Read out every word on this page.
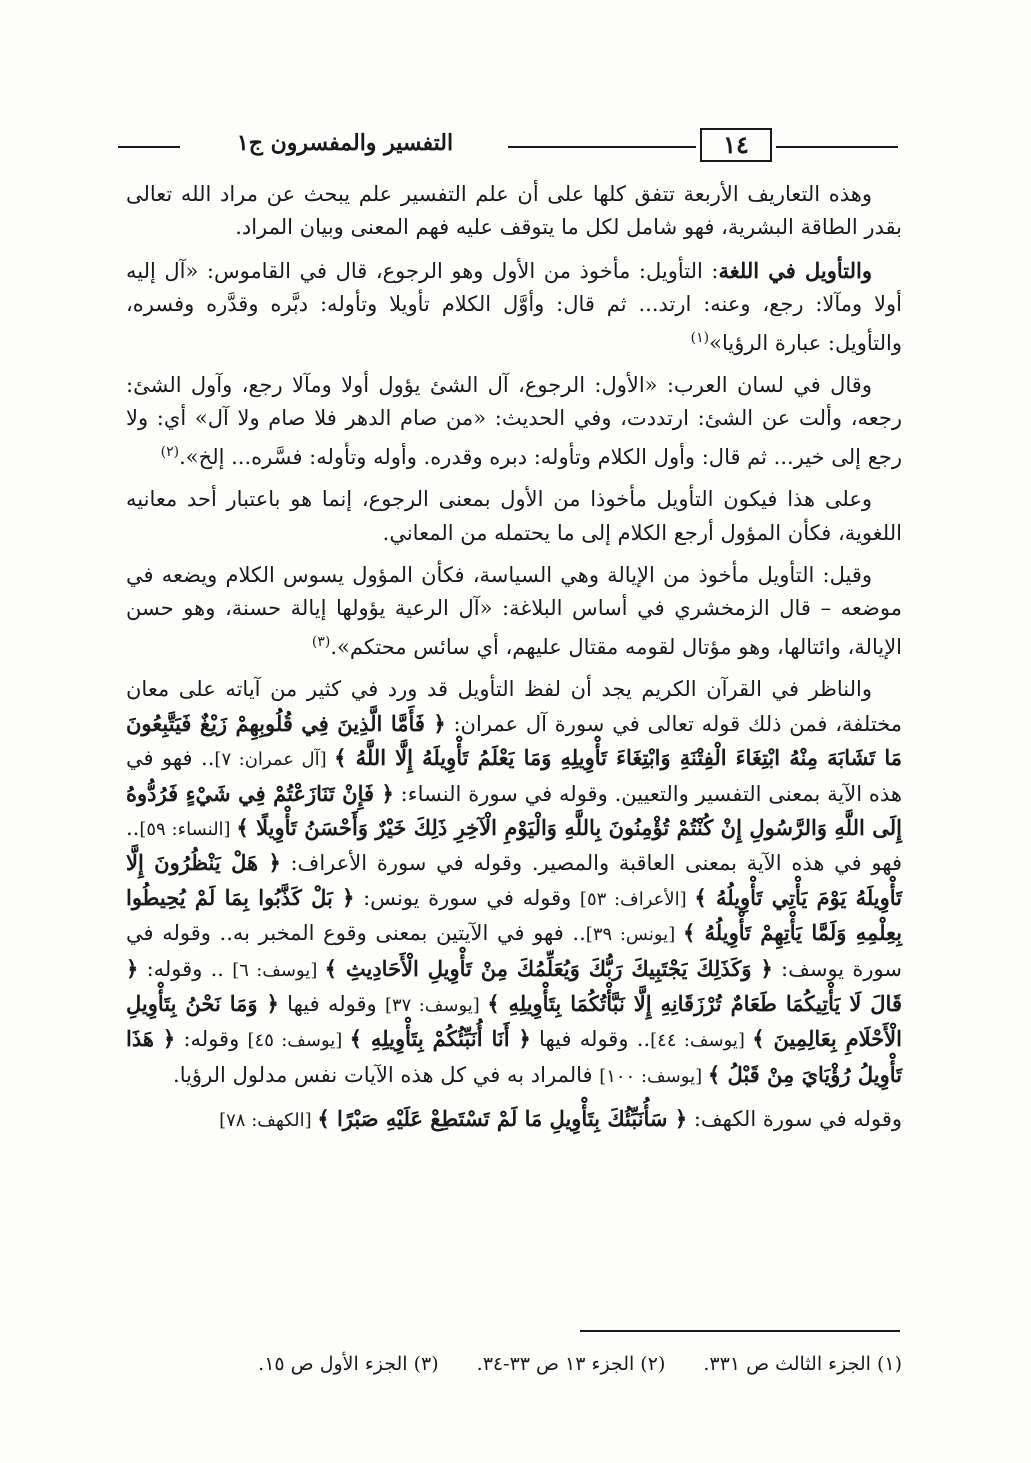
التفسير والمفسرون ج١	١٤

وهذه التعاريف الأربعة تتفق كلها على أن علم التفسير علم يبحث عن مراد الله تعالى بقدر الطاقة البشرية، فهو شامل لكل ما يتوقف عليه فهم المعنى وبيان المراد.

والتأويل في اللغة: التأويل: مأخوذ من الأول وهو الرجوع، قال في القاموس: «آل إليه أولا ومآلا: رجع، وعنه: ارتد... ثم قال: وأوَّل الكلام تأويلا وتأوله: دبَّره وقدَّره وفسره، والتأويل: عبارة الرؤيا»$^{(١)}$

وقال في لسان العرب: «الأول: الرجوع، آل الشئ يؤول أولا ومآلا رجع، وآول الشئ: رجعه، وألت عن الشئ: ارتددت، وفي الحديث: «من صام الدهر فلا صام ولا آل» أي: ولا رجع إلى خير... ثم قال: وأول الكلام وتأوله: دبره وقدره. وأوله وتأوله: فسَّره... إلخ».$^{(٢)}$

وعلى هذا فيكون التأويل مأخوذا من الأول بمعنى الرجوع، إنما هو باعتبار أحد معانيه اللغوية، فكأن المؤول أرجع الكلام إلى ما يحتمله من المعاني.

وقيل: التأويل مأخوذ من الإيالة وهي السياسة، فكأن المؤول يسوس الكلام ويضعه في موضعه – قال الزمخشري في أساس البلاغة: «آل الرعية يؤولها إيالة حسنة، وهو حسن الإيالة، وائتالها، وهو مؤتال لقومه مقتال عليهم، أي سائس محتكم».$^{(٣)}$

والناظر في القرآن الكريم يجد أن لفظ التأويل قد ورد في كثير من آياته على معان مختلفة، فمن ذلك قوله تعالى في سورة آل عمران: ﴿ فَأَمَّا الَّذِينَ فِي قُلُوبِهِمْ زَيْغٌ فَيَتَّبِعُونَ مَا تَشَابَهَ مِنْهُ ابْتِغَاءَ الْفِتْنَةِ وَابْتِغَاءَ تَأْوِيلِهِ وَمَا يَعْلَمُ تَأْوِيلَهُ إِلَّا اللَّهُ ﴾ [آل عمران: ٧].. فهو في هذه الآية بمعنى التفسير والتعيين. وقوله في سورة النساء: ﴿ فَإِنْ تَنَازَعْتُمْ فِي شَيْءٍ فَرُدُّوهُ إِلَى اللَّهِ وَالرَّسُولِ إِنْ كُنْتُمْ تُؤْمِنُونَ بِاللَّهِ وَالْيَوْمِ الْآخِرِ ذَلِكَ خَيْرٌ وَأَحْسَنُ تَأْوِيلًا ﴾ [النساء: ٥٩].. فهو في هذه الآية بمعنى العاقبة والمصير. وقوله في سورة الأعراف: ﴿ هَلْ يَنْظُرُونَ إِلَّا تَأْوِيلَهُ يَوْمَ يَأْتِي تَأْوِيلُهُ ﴾ [الأعراف: ٥٣] وقوله في سورة يونس: ﴿ بَلْ كَذَّبُوا بِمَا لَمْ يُحِيطُوا بِعِلْمِهِ وَلَمَّا يَأْتِهِمْ تَأْوِيلُهُ ﴾ [يونس: ٣٩].. فهو في الآيتين بمعنى وقوع المخبر به.. وقوله في سورة يوسف: ﴿ وَكَذَلِكَ يَجْتَبِيكَ رَبُّكَ وَيُعَلِّمُكَ مِنْ تَأْوِيلِ الْأَحَادِيثِ ﴾ [يوسف: ٦] .. وقوله: ﴿ قَالَ لَا يَأْتِيكُمَا طَعَامٌ تُرْزَقَانِهِ إِلَّا نَبَّأْتُكُمَا بِتَأْوِيلِهِ ﴾ [يوسف: ٣٧] وقوله فيها ﴿ وَمَا نَحْنُ بِتَأْوِيلِ الْأَحْلَامِ بِعَالِمِينَ ﴾ [يوسف: ٤٤].. وقوله فيها ﴿ أَنَا أُنَبِّئُكُمْ بِتَأْوِيلِهِ ﴾ [يوسف: ٤٥] وقوله: ﴿ هَذَا تَأْوِيلُ رُؤْيَايَ مِنْ قَبْلُ ﴾ [يوسف: ١٠٠] فالمراد به في كل هذه الآيات نفس مدلول الرؤيا.

وقوله في سورة الكهف: ﴿ سَأُنَبِّئُكَ بِتَأْوِيلِ مَا لَمْ تَسْتَطِعْ عَلَيْهِ صَبْرًا ﴾ [الكهف: ٧٨]

(١) الجزء الثالث ص ٣٣١.(٢) الجزء ١٣ ص ٣٣-٣٤.(٣) الجزء الأول ص ١٥.
